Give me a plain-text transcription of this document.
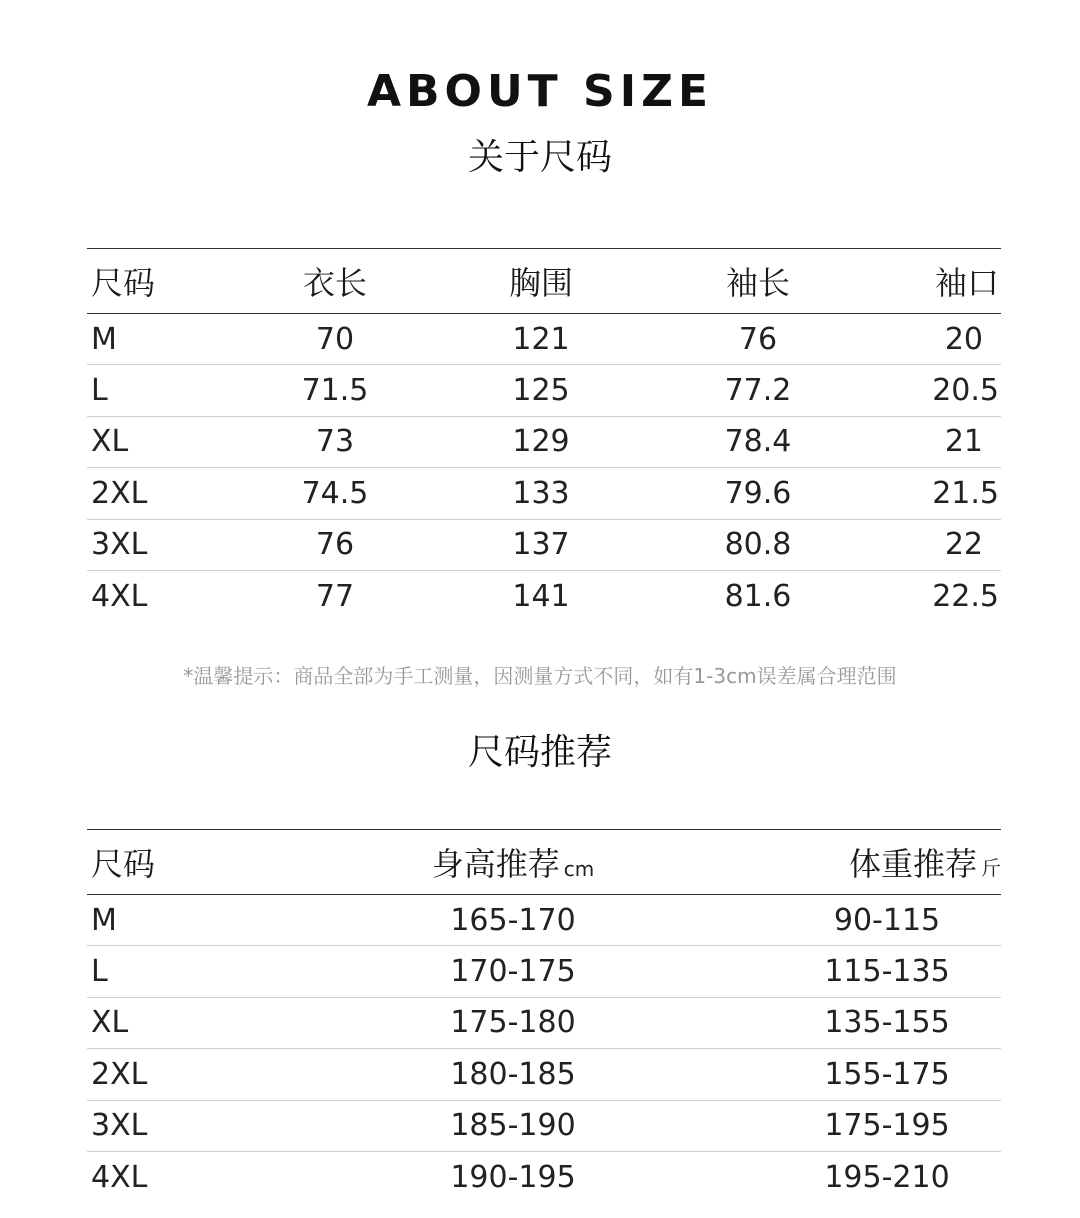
ABOUT SIZE
关于尺码
尺码	衣长	胸围	袖长	袖口
M	70	121	76	20
L	71.5	125	77.2	20.5
XL	73	129	78.4	21
2XL	74.5	133	79.6	21.5
3XL	76	137	80.8	22
4XL	77	141	81.6	22.5
*温馨提示：商品全部为手工测量，因测量方式不同，如有1-3cm误差属合理范围
尺码推荐
尺码	身高推荐 cm	体重推荐 斤
M	165-170	90-115
L	170-175	115-135
XL	175-180	135-155
2XL	180-185	155-175
3XL	185-190	175-195
4XL	190-195	195-210
